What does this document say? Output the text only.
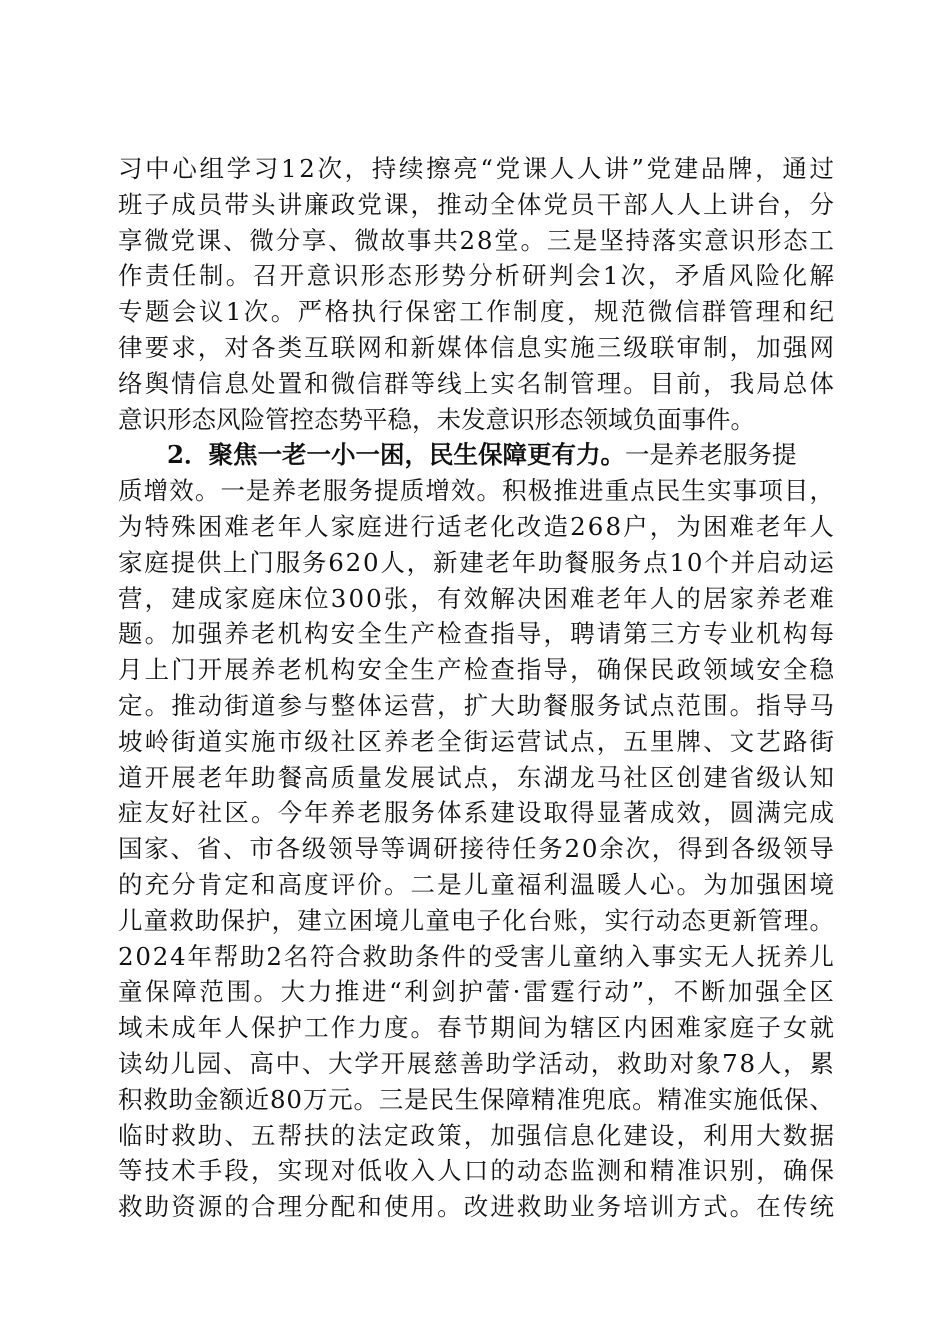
习 中 心 组 学 习 1 2 次 ， 持 续 擦 亮 “ 党 课 人 人 讲 ” 党 建 品 牌 ， 通 过
班 子 成 员 带 头 讲 廉 政 党 课 ， 推 动 全 体 党 员 干 部 人 人 上 讲 台 ， 分
享 微 党 课 、 微 分 享 、 微 故 事 共 2 8 堂 。 三 是 坚 持 落 实 意 识 形 态 工
作 责 任 制 。 召 开 意 识 形 态 形 势 分 析 研 判 会 1 次 ， 矛 盾 风 险 化 解
专 题 会 议 1 次 。 严 格 执 行 保 密 工 作 制 度 ， 规 范 微 信 群 管 理 和 纪
律 要 求 ， 对 各 类 互 联 网 和 新 媒 体 信 息 实 施 三 级 联 审 制 ， 加 强 网
络 舆 情 信 息 处 置 和 微 信 群 等 线 上 实 名 制 管 理 。 目 前 ， 我 局 总 体
意识形态风险管控态势平稳，未发意识形态领域负面事件。
2．聚焦一老一小一困，民生保障更有力。一是养老服务提
质 增 效 。 一 是 养 老 服 务 提 质 增 效 。 积 极 推 进 重 点 民 生 实 事 项 目 ，
为 特 殊 困 难 老 年 人 家 庭 进 行 适 老 化 改 造 2 6 8 户 ， 为 困 难 老 年 人
家 庭 提 供 上 门 服 务 6 2 0 人 ， 新 建 老 年 助 餐 服 务 点 1 0 个 并 启 动 运
营 ， 建 成 家 庭 床 位 3 0 0 张 ， 有 效 解 决 困 难 老 年 人 的 居 家 养 老 难
题 。 加 强 养 老 机 构 安 全 生 产 检 查 指 导 ， 聘 请 第 三 方 专 业 机 构 每
月 上 门 开 展 养 老 机 构 安 全 生 产 检 查 指 导 ， 确 保 民 政 领 域 安 全 稳
定 。 推 动 街 道 参 与 整 体 运 营 ， 扩 大 助 餐 服 务 试 点 范 围 。 指 导 马
坡 岭 街 道 实 施 市 级 社 区 养 老 全 街 运 营 试 点 ， 五 里 牌 、 文 艺 路 街
道 开 展 老 年 助 餐 高 质 量 发 展 试 点 ， 东 湖 龙 马 社 区 创 建 省 级 认 知
症 友 好 社 区 。 今 年 养 老 服 务 体 系 建 设 取 得 显 著 成 效 ， 圆 满 完 成
国 家 、 省 、 市 各 级 领 导 等 调 研 接 待 任 务 2 0 余 次 ， 得 到 各 级 领 导
的 充 分 肯 定 和 高 度 评 价 。 二 是 儿 童 福 利 温 暖 人 心 。 为 加 强 困 境
儿 童 救 助 保 护 ， 建 立 困 境 儿 童 电 子 化 台 账 ， 实 行 动 态 更 新 管 理 。
2 0 2 4 年 帮 助 2 名 符 合 救 助 条 件 的 受 害 儿 童 纳 入 事 实 无 人 抚 养 儿
童 保 障 范 围 。 大 力 推 进 “ 利 剑 护 蕾 · 雷 霆 行 动 ” ， 不 断 加 强 全 区
域 未 成 年 人 保 护 工 作 力 度 。 春 节 期 间 为 辖 区 内 困 难 家 庭 子 女 就
读 幼 儿 园 、 高 中 、 大 学 开 展 慈 善 助 学 活 动 ， 救 助 对 象 7 8 人 ， 累
积 救 助 金 额 近 8 0 万 元 。 三 是 民 生 保 障 精 准 兜 底 。 精 准 实 施 低 保 、
临 时 救 助 、 五 帮 扶 的 法 定 政 策 ， 加 强 信 息 化 建 设 ， 利 用 大 数 据
等 技 术 手 段 ， 实 现 对 低 收 入 人 口 的 动 态 监 测 和 精 准 识 别 ， 确 保
救 助 资 源 的 合 理 分 配 和 使 用 。 改 进 救 助 业 务 培 训 方 式 。 在 传 统
